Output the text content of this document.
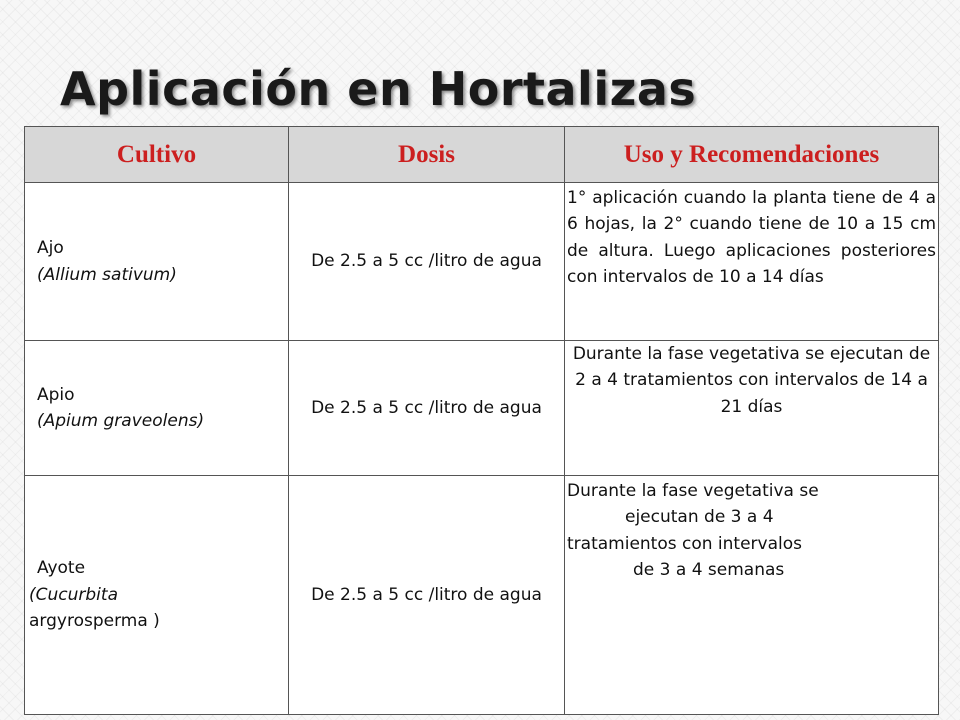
Aplicación en Hortalizas
Cultivo	Dosis	Uso y Recomendaciones

Ajo
(Allium sativum)	De 2.5 a 5 cc /litro de agua	1° aplicación cuando la planta tiene de 4 a 6 hojas, la 2° cuando tiene de 10 a 15 cm de altura. Luego aplicaciones posteriores con intervalos de 10 a 14 días

Apio
(Apium graveolens)	De 2.5 a 5 cc /litro de agua	Durante la fase vegetativa se ejecutan de 2 a 4 tratamientos con intervalos de 14 a 21 días

Ayote
(Cucurbita
argyrosperma )	De 2.5 a 5 cc /litro de agua	Durante la fase vegetativa se
ejecutan de 3 a 4
tratamientos con intervalos
de 3 a 4 semanas
